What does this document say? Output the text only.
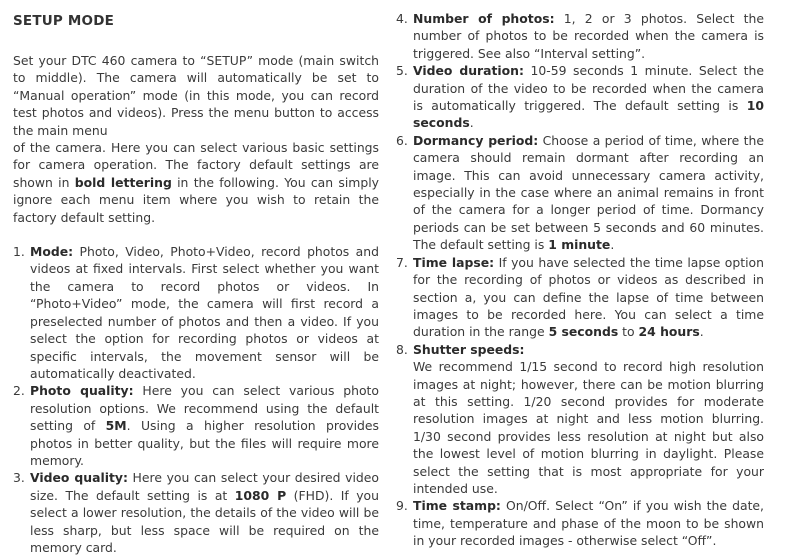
SETUP MODE

Set your DTC 460 camera to “SETUP” mode (main switch to middle). The camera will automatically be set to “Manual operation” mode (in this mode, you can record test photos and videos). Press the menu button to access the main menu

of the camera. Here you can select various basic settings for camera operation. The factory default settings are shown in bold lettering in the following. You can simply ignore each menu item where you wish to retain the factory default setting.

1. Mode: Photo, Video, Photo+Video, record photos and videos at fixed intervals. First select whether you want the camera to record photos or videos. In “Photo+Video” mode, the camera will first record a preselected number of photos and then a video. If you select the option for recording photos or videos at specific intervals, the movement sensor will be automatically deactivated.
2. Photo quality: Here you can select various photo resolution options. We recommend using the default setting of 5M. Using a higher resolution provides photos in better quality, but the files will require more memory.
3. Video quality: Here you can select your desired video size. The default setting is at 1080 P (FHD). If you select a lower resolution, the details of the video will be less sharp, but less space will be required on the memory card.
4. Number of photos: 1, 2 or 3 photos. Select the number of photos to be recorded when the camera is triggered. See also “Interval setting”.
5. Video duration: 10-59 seconds 1 minute. Select the duration of the video to be recorded when the camera is automatically triggered. The default setting is 10 seconds.
6. Dormancy period: Choose a period of time, where the camera should remain dormant after recording an image. This can avoid unnecessary camera activity, especially in the case where an animal remains in front of the camera for a longer period of time. Dormancy periods can be set between 5 seconds and 60 minutes. The default setting is 1 minute.
7. Time lapse: If you have selected the time lapse option for the recording of photos or videos as described in section a, you can define the lapse of time between images to be recorded here. You can select a time duration in the range 5 seconds to 24 hours.
8. Shutter speeds:
We recommend 1/15 second to record high resolution images at night; however, there can be motion blurring at this setting. 1/20 second provides for moderate resolution images at night and less motion blurring. 1/30 second provides less resolution at night but also the lowest level of motion blurring in daylight. Please select the setting that is most appropriate for your intended use.
9. Time stamp: On/Off. Select “On” if you wish the date, time, temperature and phase of the moon to be shown in your recorded images - otherwise select “Off”.
